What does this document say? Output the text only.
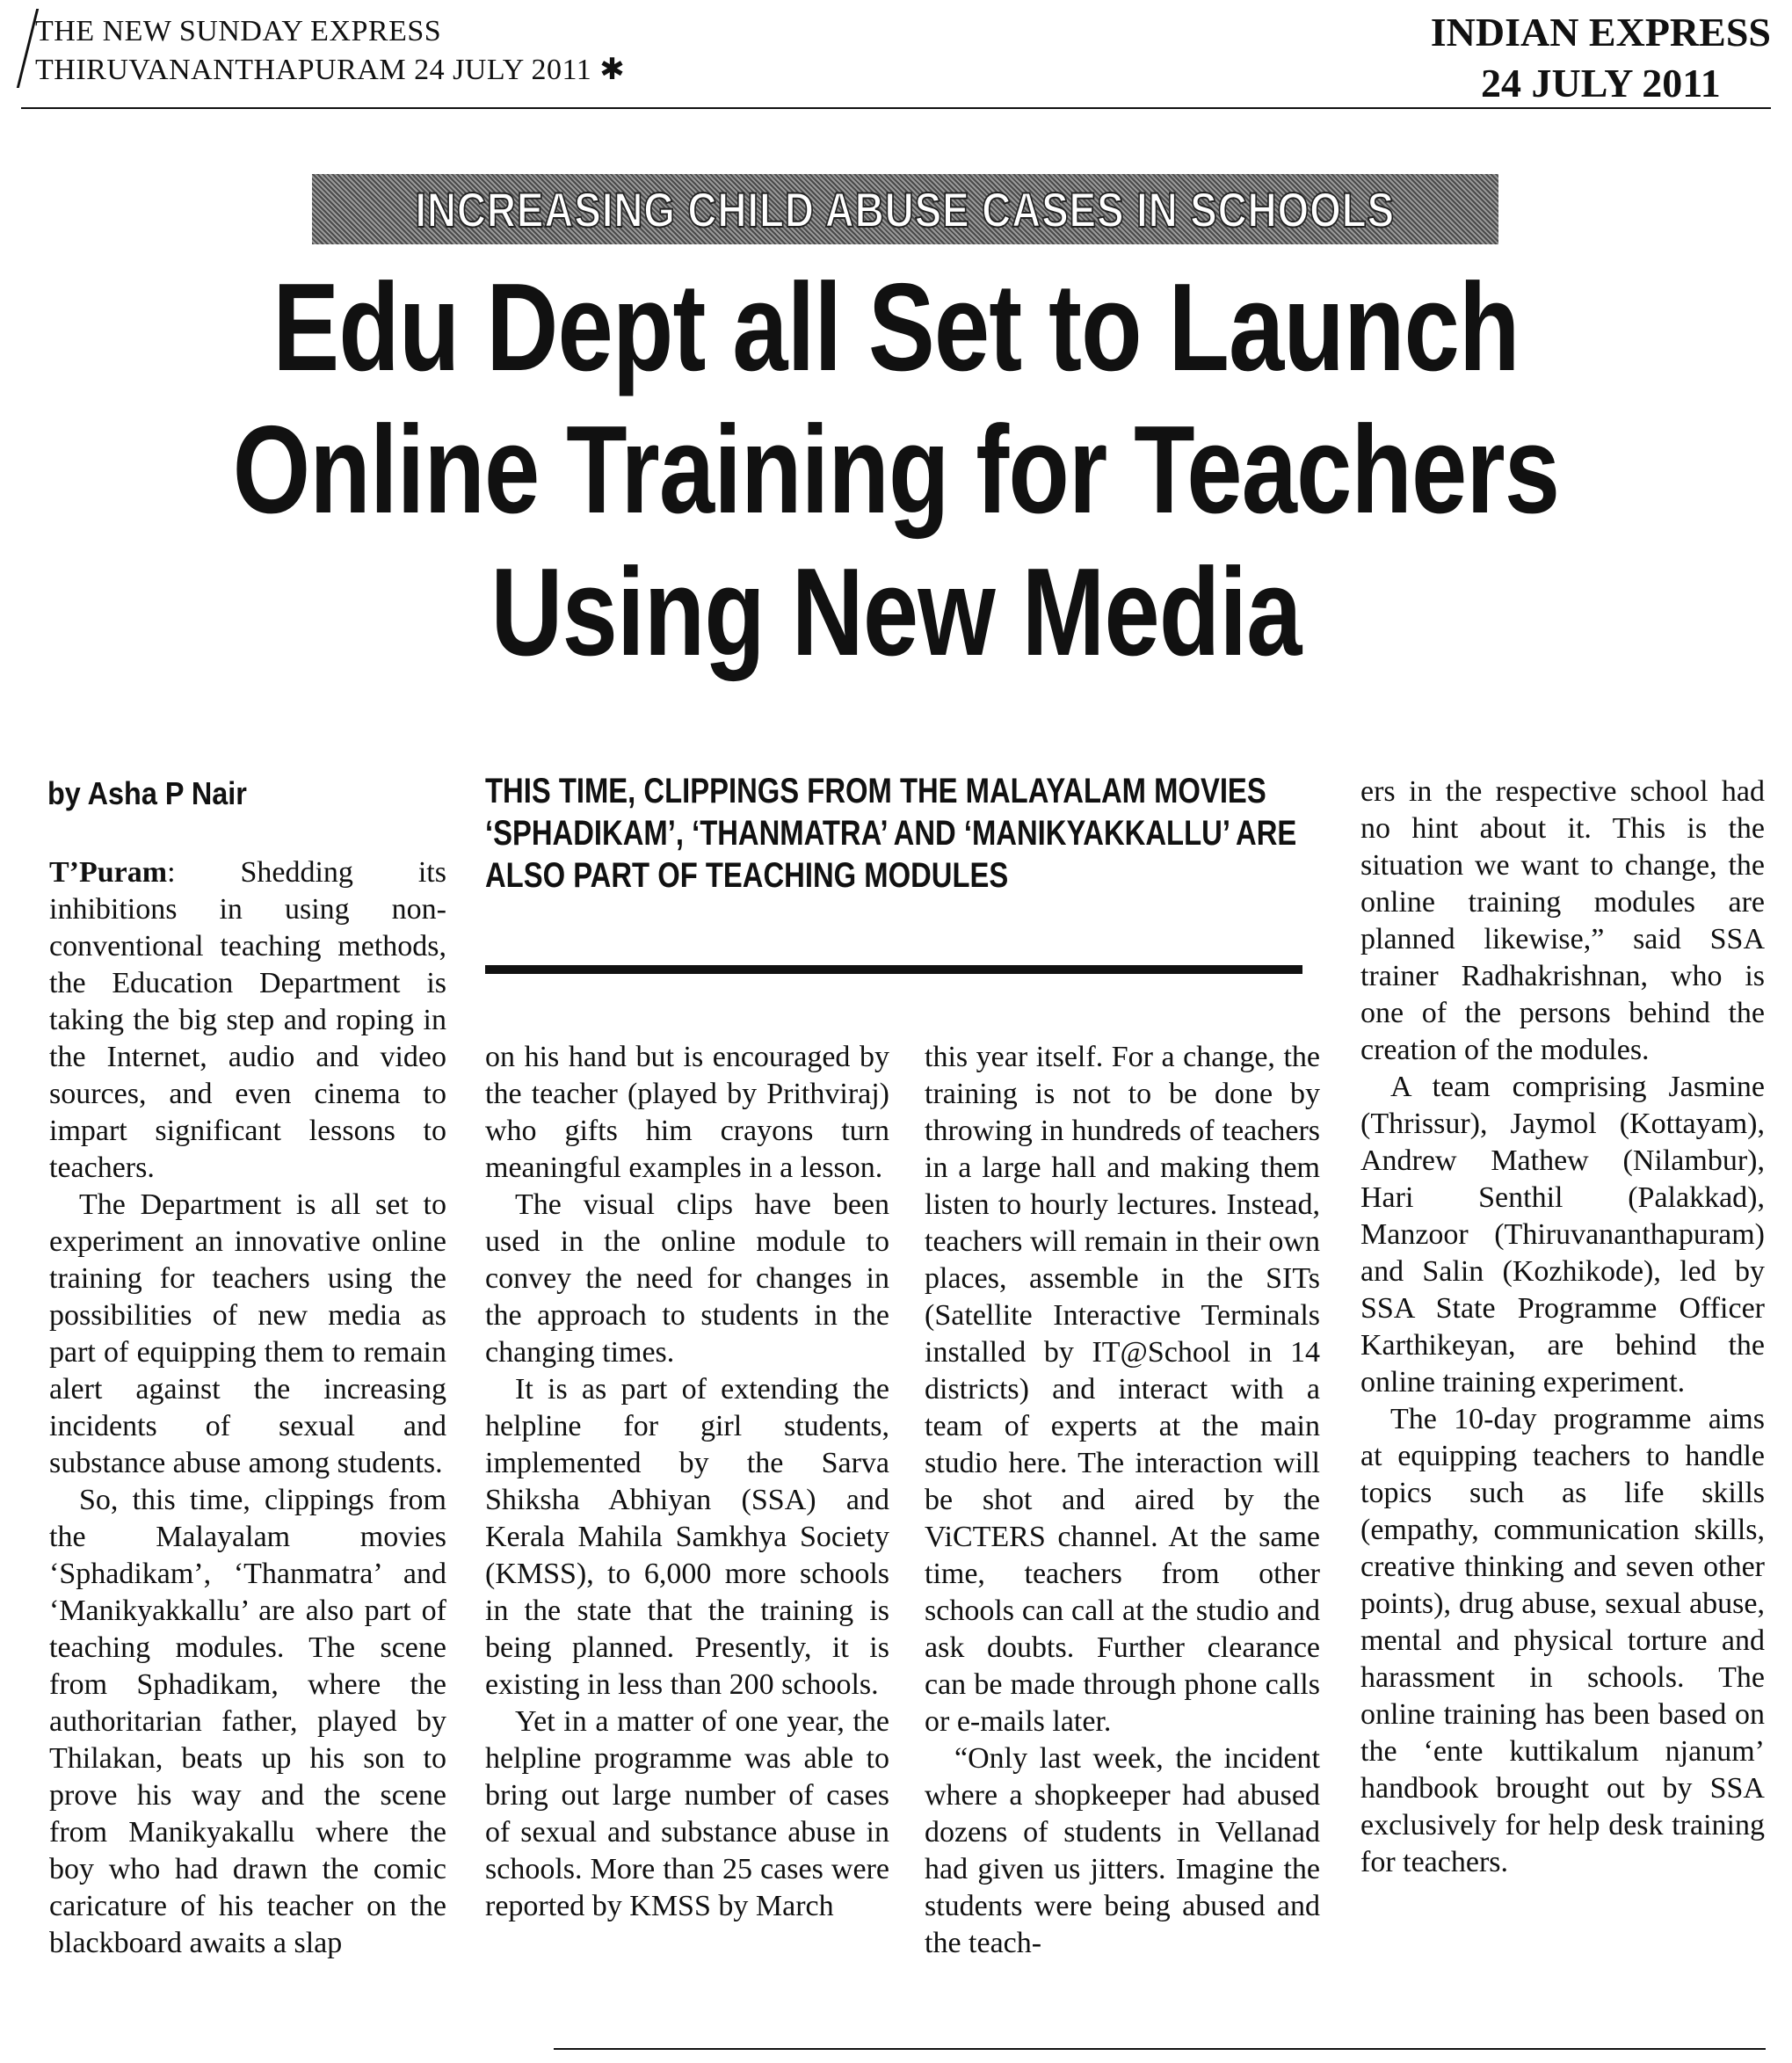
THE NEW SUNDAY EXPRESS
THIRUVANANTHAPURAM 24 JULY 2011 ✱
INDIAN EXPRESS
24 JULY 2011
INCREASING CHILD ABUSE CASES IN SCHOOLS
Edu Dept all Set to Launch
Online Training for Teachers
Using New Media
by Asha P Nair	THIS TIME, CLIPPINGS FROM THE MALAYALAM MOVIES ‘SPHADIKAM’, ‘THANMATRA’ AND ‘MANIKYAKKALLU’ ARE ALSO PART OF TEACHING MODULES

T’Puram: Shedding its inhibitions in using non-conventional teaching methods, the Education Department is taking the big step and roping in the Internet, audio and video sources, and even cinema to impart significant lessons to teachers.

The Department is all set to experiment an innovative online training for teachers using the possibilities of new media as part of equipping them to remain alert against the increasing incidents of sexual and substance abuse among students.

So, this time, clippings from the Malayalam movies ‘Sphadikam’, ‘Thanmatra’ and ‘Manikyakkallu’ are also part of teaching modules. The scene from Sphadikam, where the authoritarian father, played by Thilakan, beats up his son to prove his way and the scene from Manikyakallu where the boy who had drawn the comic caricature of his teacher on the blackboard awaits a slap

on his hand but is encouraged by the teacher (played by Prithviraj) who gifts him crayons turn meaningful examples in a lesson.

The visual clips have been used in the online module to convey the need for changes in the approach to students in the changing times.

It is as part of extending the helpline for girl students, implemented by the Sarva Shiksha Abhiyan (SSA) and Kerala Mahila Samkhya Society (KMSS), to 6,000 more schools in the state that the training is being planned. Presently, it is existing in less than 200 schools.

Yet in a matter of one year, the helpline programme was able to bring out large number of cases of sexual and substance abuse in schools. More than 25 cases were reported by KMSS by March

this year itself. For a change, the training is not to be done by throwing in hundreds of teachers in a large hall and making them listen to hourly lectures. Instead, teachers will remain in their own places, assemble in the SITs (Satellite Interactive Terminals installed by IT@School in 14 districts) and interact with a team of experts at the main studio here. The interaction will be shot and aired by the ViCTERS channel. At the same time, teachers from other schools can call at the studio and ask doubts. Further clearance can be made through phone calls or e-mails later.

“Only last week, the incident where a shopkeeper had abused dozens of students in Vellanad had given us jitters. Imagine the students were being abused and the teach-

ers in the respective school had no hint about it. This is the situation we want to change, the online training modules are planned likewise,” said SSA trainer Radhakrishnan, who is one of the persons behind the creation of the modules.

A team comprising Jasmine (Thrissur), Jaymol (Kottayam), Andrew Mathew (Nilambur), Hari Senthil (Palakkad), Manzoor (Thiruvananthapuram) and Salin (Kozhikode), led by SSA State Programme Officer Karthikeyan, are behind the online training experiment.

The 10-day programme aims at equipping teachers to handle topics such as life skills (empathy, communication skills, creative thinking and seven other points), drug abuse, sexual abuse, mental and physical torture and harassment in schools. The online training has been based on the ‘ente kuttikalum njanum’ handbook brought out by SSA exclusively for help desk training for teachers.
